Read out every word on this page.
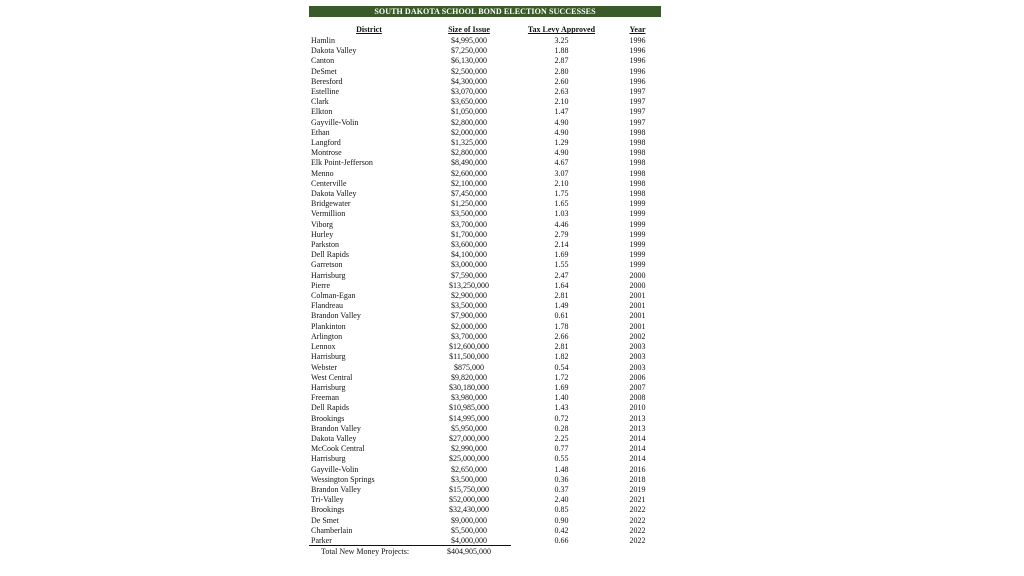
SOUTH DAKOTA SCHOOL BOND ELECTION SUCCESSES
District	Size of Issue	Tax Levy Approved	Year
Hamlin	$4,995,000	3.25	1996
Dakota Valley	$7,250,000	1.88	1996
Canton	$6,130,000	2.87	1996
DeSmet	$2,500,000	2.80	1996
Beresford	$4,300,000	2.60	1996
Estelline	$3,070,000	2.63	1997
Clark	$3,650,000	2.10	1997
Elkton	$1,050,000	1.47	1997
Gayville-Volin	$2,800,000	4.90	1997
Ethan	$2,000,000	4.90	1998
Langford	$1,325,000	1.29	1998
Montrose	$2,800,000	4.90	1998
Elk Point-Jefferson	$8,490,000	4.67	1998
Menno	$2,600,000	3.07	1998
Centerville	$2,100,000	2.10	1998
Dakota Valley	$7,450,000	1.75	1998
Bridgewater	$1,250,000	1.65	1999
Vermillion	$3,500,000	1.03	1999
Viborg	$3,700,000	4.46	1999
Hurley	$1,700,000	2.79	1999
Parkston	$3,600,000	2.14	1999
Dell Rapids	$4,100,000	1.69	1999
Garretson	$3,000,000	1.55	1999
Harrisburg	$7,590,000	2.47	2000
Pierre	$13,250,000	1.64	2000
Colman-Egan	$2,900,000	2.81	2001
Flandreau	$3,500,000	1.49	2001
Brandon Valley	$7,900,000	0.61	2001
Plankinton	$2,000,000	1.78	2001
Arlington	$3,700,000	2.66	2002
Lennox	$12,600,000	2.81	2003
Harrisburg	$11,500,000	1.82	2003
Webster	$875,000	0.54	2003
West Central	$9,820,000	1.72	2006
Harrisburg	$30,180,000	1.69	2007
Freeman	$3,980,000	1.40	2008
Dell Rapids	$10,985,000	1.43	2010
Brookings	$14,995,000	0.72	2013
Brandon Valley	$5,950,000	0.28	2013
Dakota Valley	$27,000,000	2.25	2014
McCook Central	$2,990,000	0.77	2014
Harrisburg	$25,000,000	0.55	2014
Gayville-Volin	$2,650,000	1.48	2016
Wessington Springs	$3,500,000	0.36	2018
Brandon Valley	$15,750,000	0.37	2019
Tri-Valley	$52,000,000	2.40	2021
Brookings	$32,430,000	0.85	2022
De Smet	$9,000,000	0.90	2022
Chamberlain	$5,500,000	0.42	2022
Parker	$4,000,000	0.66	2022
Total New Money Projects:	$404,905,000		
